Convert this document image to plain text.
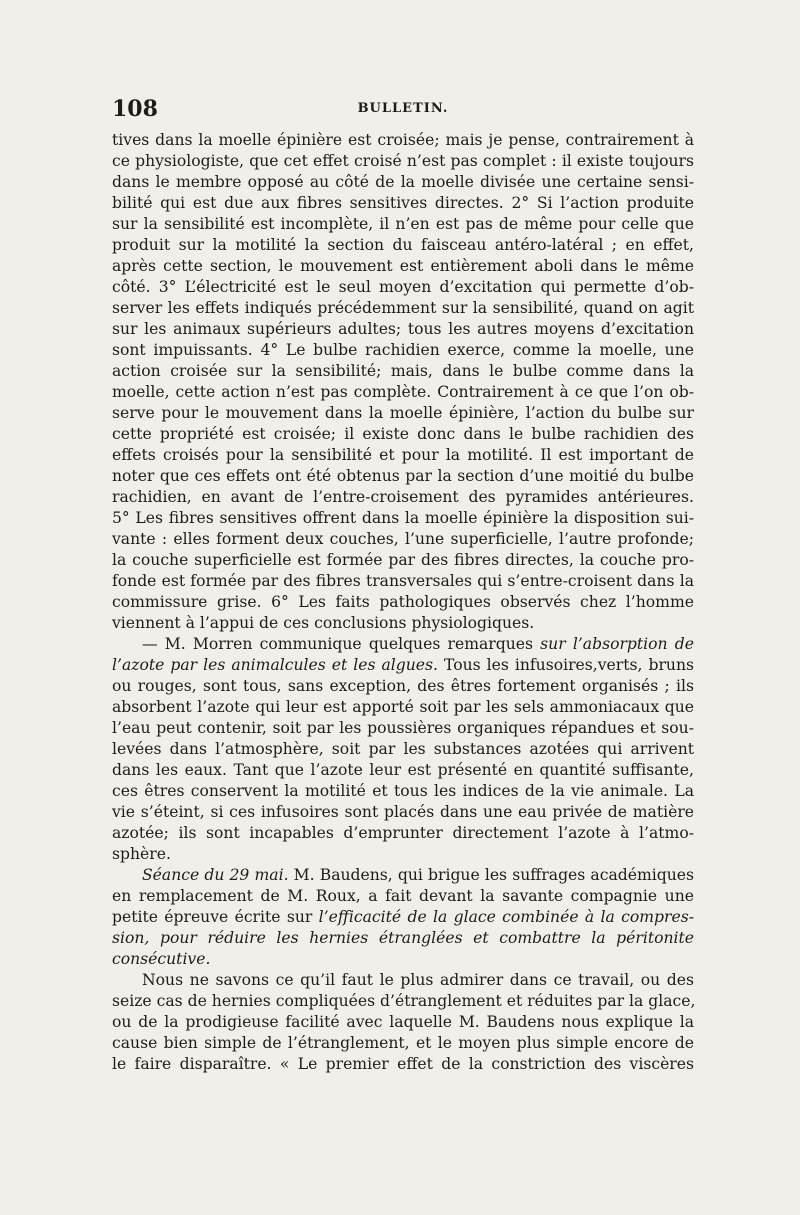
108	BULLETIN.
tives dans la moelle épinière est croisée; mais je pense, contrairement à
ce physiologiste, que cet effet croisé n’est pas complet : il existe toujours
dans le membre opposé au côté de la moelle divisée une certaine sensi-
bilité qui est due aux fibres sensitives directes. 2° Si l’action produite
sur la sensibilité est incomplète, il n’en est pas de même pour celle que
produit sur la motilité la section du faisceau antéro-latéral ; en effet,
après cette section, le mouvement est entièrement aboli dans le même
côté. 3° L’électricité est le seul moyen d’excitation qui permette d’ob-
server les effets indiqués précédemment sur la sensibilité, quand on agit
sur les animaux supérieurs adultes; tous les autres moyens d’excitation
sont impuissants. 4° Le bulbe rachidien exerce, comme la moelle, une
action croisée sur la sensibilité; mais, dans le bulbe comme dans la
moelle, cette action n’est pas complète. Contrairement à ce que l’on ob-
serve pour le mouvement dans la moelle épinière, l’action du bulbe sur
cette propriété est croisée; il existe donc dans le bulbe rachidien des
effets croisés pour la sensibilité et pour la motilité. Il est important de
noter que ces effets ont été obtenus par la section d’une moitié du bulbe
rachidien, en avant de l’entre-croisement des pyramides antérieures.
5° Les fibres sensitives offrent dans la moelle épinière la disposition sui-
vante : elles forment deux couches, l’une superficielle, l’autre profonde;
la couche superficielle est formée par des fibres directes, la couche pro-
fonde est formée par des fibres transversales qui s’entre-croisent dans la
commissure grise. 6° Les faits pathologiques observés chez l’homme
viennent à l’appui de ces conclusions physiologiques.
— M. Morren communique quelques remarques sur l’absorption de
l’azote par les animalcules et les algues. Tous les infusoires,verts, bruns
ou rouges, sont tous, sans exception, des êtres fortement organisés ; ils
absorbent l’azote qui leur est apporté soit par les sels ammoniacaux que
l’eau peut contenir, soit par les poussières organiques répandues et sou-
levées dans l’atmosphère, soit par les substances azotées qui arrivent
dans les eaux. Tant que l’azote leur est présenté en quantité suffisante,
ces êtres conservent la motilité et tous les indices de la vie animale. La
vie s’éteint, si ces infusoires sont placés dans une eau privée de matière
azotée; ils sont incapables d’emprunter directement l’azote à l’atmo-
sphère.
Séance du 29 mai. M. Baudens, qui brigue les suffrages académiques
en remplacement de M. Roux, a fait devant la savante compagnie une
petite épreuve écrite sur l’efficacité de la glace combinée à la compres-
sion, pour réduire les hernies étranglées et combattre la péritonite
consécutive.
Nous ne savons ce qu’il faut le plus admirer dans ce travail, ou des
seize cas de hernies compliquées d’étranglement et réduites par la glace,
ou de la prodigieuse facilité avec laquelle M. Baudens nous explique la
cause bien simple de l’étranglement, et le moyen plus simple encore de
le faire disparaître. « Le premier effet de la constriction des viscères
